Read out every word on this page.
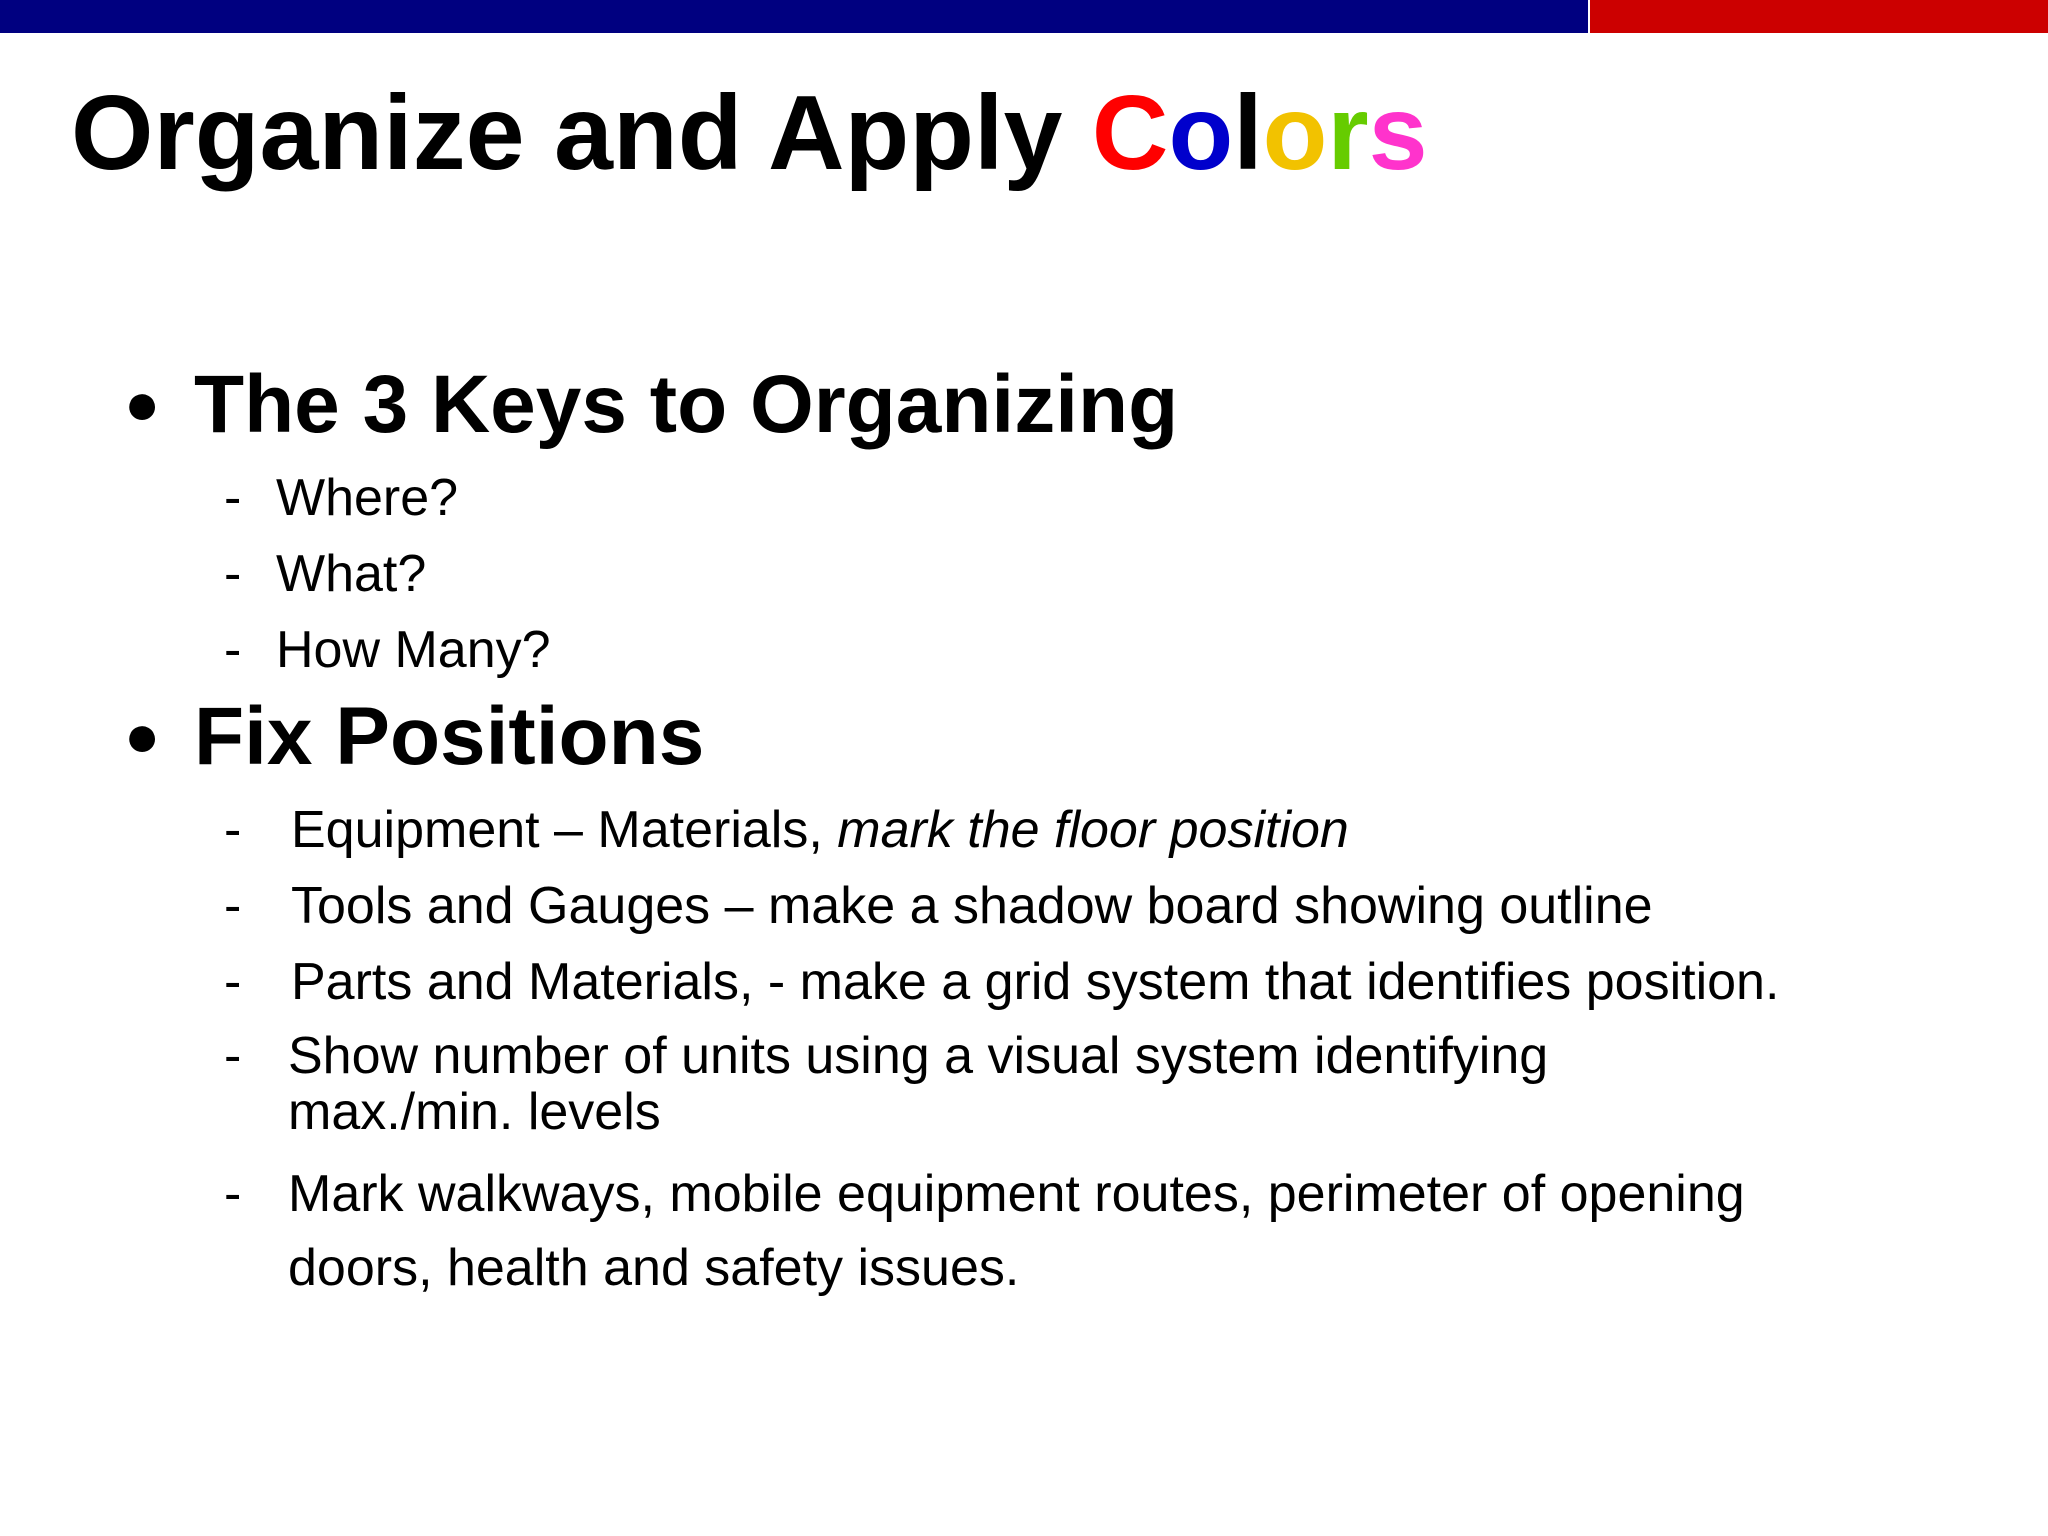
Organize and Apply Colors
● The 3 Keys to Organizing
- Where?
- What?
- How Many?
● Fix Positions
- Equipment – Materials, mark the floor position
- Tools and Gauges – make a shadow board showing outline
- Parts and Materials, - make a grid system that identifies position.
- Show number of units using a visual system identifying
max./min. levels
- Mark walkways, mobile equipment routes, perimeter of opening
doors, health and safety issues.
